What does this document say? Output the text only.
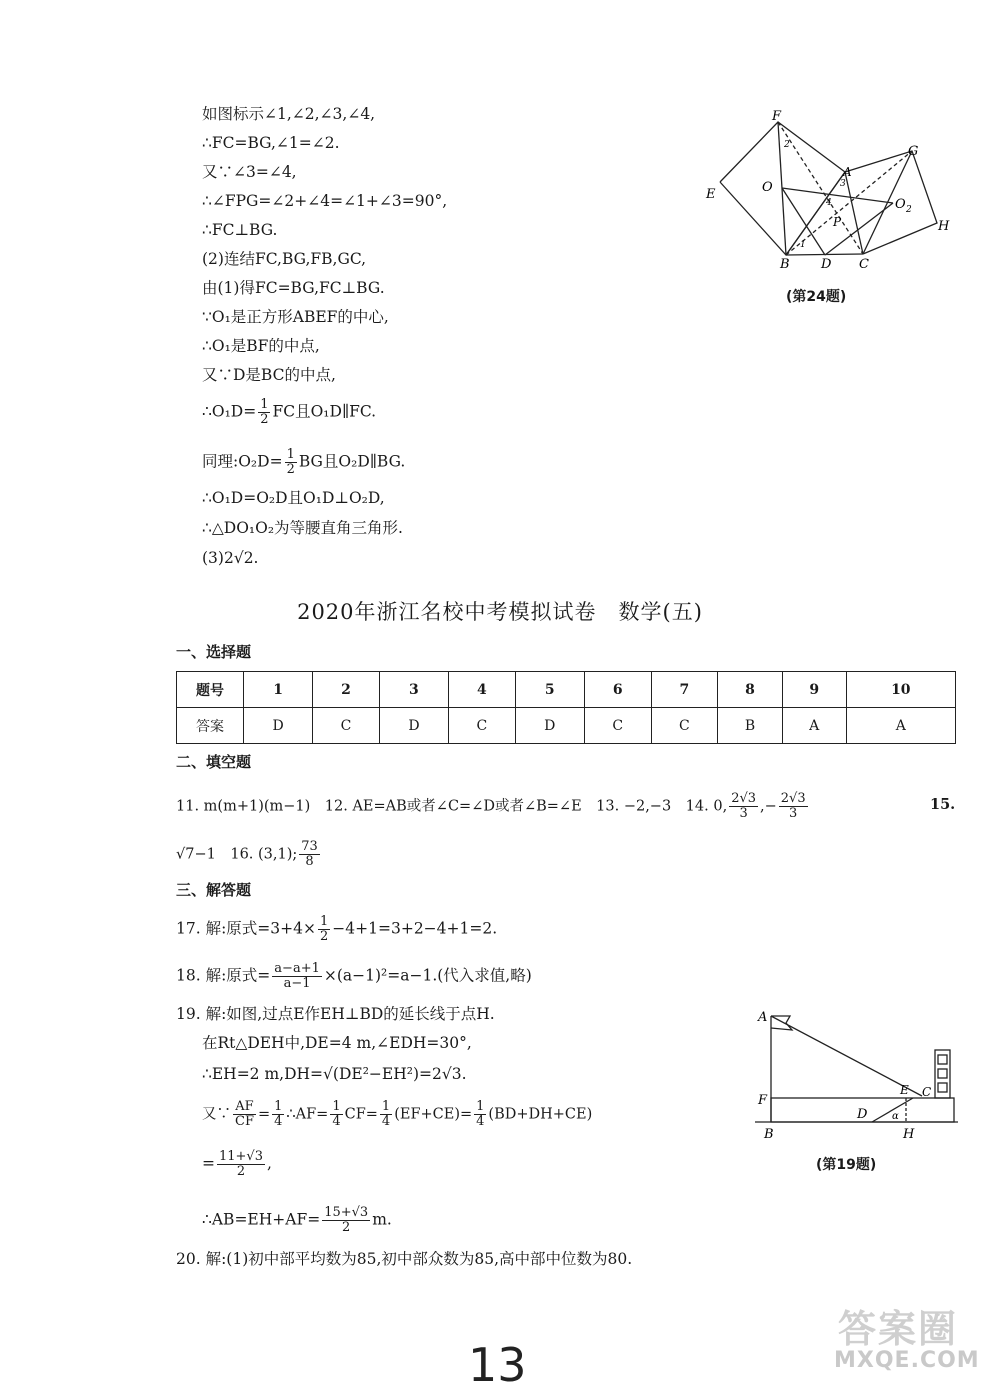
如图标示∠1,∠2,∠3,∠4,
∴FC=BG,∠1=∠2.
又∵∠3=∠4,
∴∠FPG=∠2+∠4=∠1+∠3=90°,
∴FC⊥BG.
(2)连结FC,BG,FB,GC,
由(1)得FC=BG,FC⊥BG.
∵O₁是正方形ABEF的中心,
∴O₁是BF的中点,
又∵D是BC的中点,
∴O₁D= $\frac{1}{2}$ FC且O₁D∥FC.
同理:O₂D= $\frac{1}{2}$ BG且O₂D∥BG.
∴O₁D=O₂D且O₁D⊥O₂D,
∴△DO₁O₂为等腰直角三角形.
(3)2√2.
F
A
G
E	O
O 2
H
B D C
P
1
2
3
4
(第24题)
2020年浙江名校中考模拟试卷　数学(五)
一、选择题
题号	1	2	3	4	5	6	7	8	9	10
答案	D	C	D	C	D	C	C	B	A	A
二、填空题
11. m(m+1)(m−1)　12. AE=AB或者∠C=∠D或者∠B=∠E　13. −2,−3　14. 0, $\frac{2√3}{3}$ ,− $\frac{2√3}{3}$	15.
√7−1　16. (3,1); $\frac{73}{8}$
三、解答题
17. 解:原式$=3+4\times \frac{1}{2} -4+1=3+2-4+1=2$.
18. 解:原式= $\frac{a-a+1}{a-1} \times(a-1)^2=a-1$.(代入求值,略)
19. 解:如图,过点E作EH⊥BD的延长线于点H.
在Rt△DEH中,DE=4 m,∠EDH=30°,
∴EH=2 m,DH=√(DE²−EH²)=2√3.
又∵ $\frac{AF}{CF} = \frac{1}{4}$ ∴AF= $\frac{1}{4} CF= \frac{1}{4} (EF+CE)= \frac{1}{4} (BD+DH+CE)$
= $\frac{11+√3}{2}$ ,
∴AB=EH+AF= $\frac{15+√3}{2} m$.
A
F
B
E C
D
H
α
(第19题)
20. 解:(1)初中部平均数为85,初中部众数为85,高中部中位数为80.
13
答案圈
MXQE.COM
